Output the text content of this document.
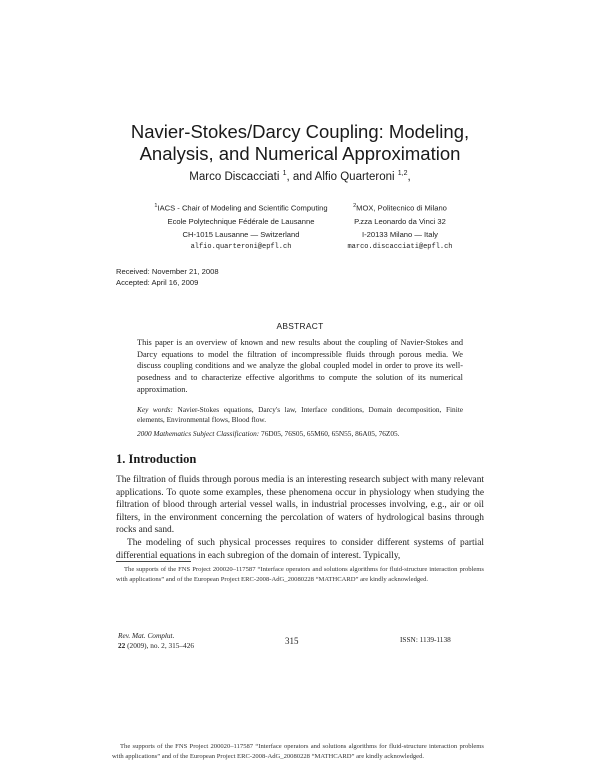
Navier-Stokes/Darcy Coupling: Modeling,
Analysis, and Numerical Approximation
Marco Discacciati $^1$, and Alfio Quarteroni $^{1,2}$,
$^1$IACS - Chair of Modeling and Scientific Computing
Ecole Polytechnique Fédérale de Lausanne
CH-1015 Lausanne — Switzerland
alfio.quarteroni@epfl.ch
$^2$MOX, Politecnico di Milano
P.zza Leonardo da Vinci 32
I-20133 Milano — Italy
marco.discacciati@epfl.ch
Received: November 21, 2008
Accepted: April 16, 2009
ABSTRACT
This paper is an overview of known and new results about the coupling of Navier-Stokes and Darcy equations to model the filtration of incompressible fluids through porous media. We discuss coupling conditions and we analyze the global coupled model in order to prove its well-posedness and to characterize effective algorithms to compute the solution of its numerical approximation.
Key words: Navier-Stokes equations, Darcy's law, Interface conditions, Domain decomposition, Finite elements, Environmental flows, Blood flow.
2000 Mathematics Subject Classification: 76D05, 76S05, 65M60, 65N55, 86A05, 76Z05.
1. Introduction

The filtration of fluids through porous media is an interesting research subject with many relevant applications. To quote some examples, these phenomena occur in physiology when studying the filtration of blood through arterial vessel walls, in industrial processes involving, e.g., air or oil filters, in the environment concerning the percolation of waters of hydrological basins through rocks and sand.

The modeling of such physical processes requires to consider different systems of partial differential equations in each subregion of the domain of interest. Typically,

The supports of the FNS Project 200020–117587 “Interface operators and solutions algorithms for fluid-structure interaction problems with applications” and of the European Project ERC-2008-AdG_20080228 “MATHCARD” are kindly acknowledged.
Rev. Mat. Complut.
22 (2009), no. 2, 315–426	315	ISSN: 1139-1138
The supports of the FNS Project 200020–117587 “Interface operators and solutions algorithms for fluid-structure interaction problems with applications” and of the European Project ERC-2008-AdG_20080228 “MATHCARD” are kindly acknowledged.
